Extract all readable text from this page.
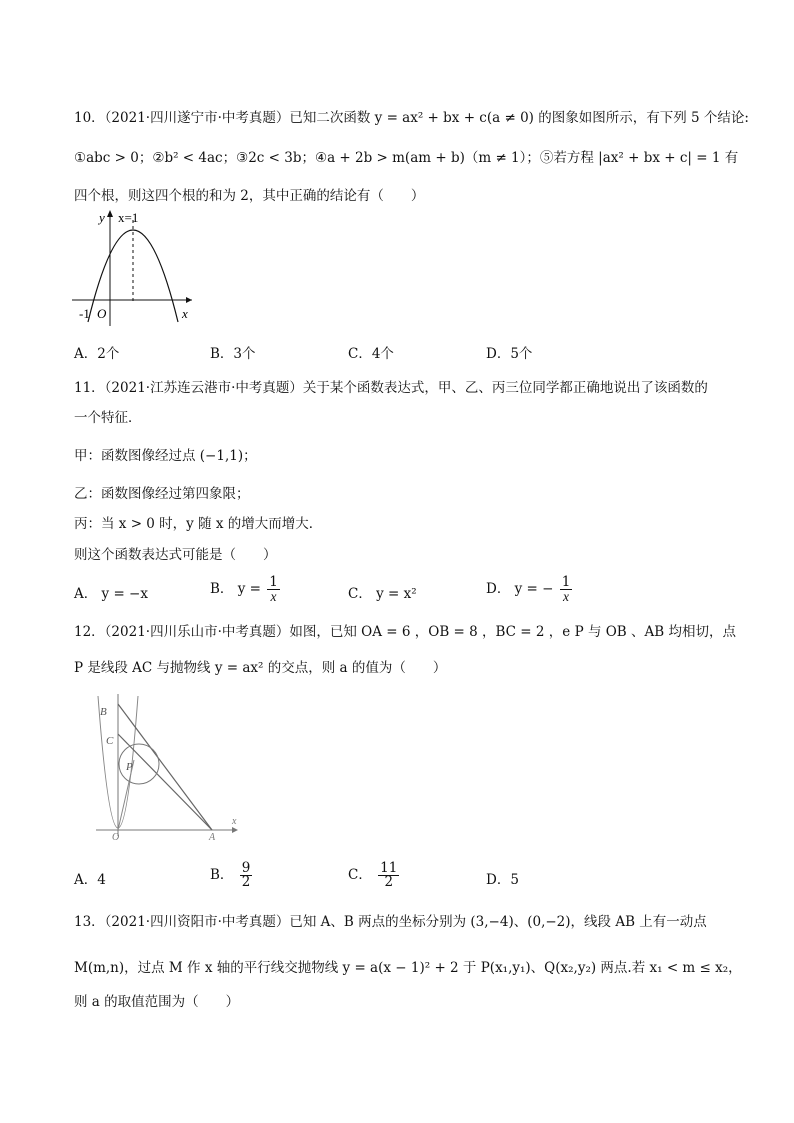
10．（2021·四川遂宁市·中考真题）已知二次函数 y = ax² + bx + c(a ≠ 0) 的图象如图所示，有下列 5 个结论:
①abc > 0；②b² < 4ac；③2c < 3b；④a + 2b > m(am + b)（m ≠ 1）；⑤若方程 |ax² + bx + c| = 1 有
四个根，则这四个根的和为 2，其中正确的结论有（　　）
y x=1
-1 O	x
A．2个	B．3个	C．4个	D．5个
11．（2021·江苏连云港市·中考真题）关于某个函数表达式，甲、乙、丙三位同学都正确地说出了该函数的
一个特征．
甲：函数图像经过点 (−1,1)；
乙：函数图像经过第四象限；
丙：当 x > 0 时，y 随 x 的增大而增大．
则这个函数表达式可能是（　　）
A． y = −x	B． $y = \frac{1}{x}$	C． y = x²	D． y = − $\frac{1}{x}$
12．（2021·四川乐山市·中考真题）如图，已知 OA = 6 ，OB = 8 ，BC = 2 ，e P 与 OB 、AB 均相切，点
P 是线段 AC 与抛物线 y = ax² 的交点，则 a 的值为（　　）
B
C
P
O	A
x
A．4	B． $\frac{9}{2}$	C． $\frac{11}{2}$	D．5
13．（2021·四川资阳市·中考真题）已知 A、B 两点的坐标分别为 (3,−4)、(0,−2)，线段 AB 上有一动点
M(m,n)，过点 M 作 x 轴的平行线交抛物线 y = a(x − 1)² + 2 于 P(x₁,y₁)、Q(x₂,y₂) 两点.若 x₁ < m ≤ x₂，
则 a 的取值范围为（　　）
